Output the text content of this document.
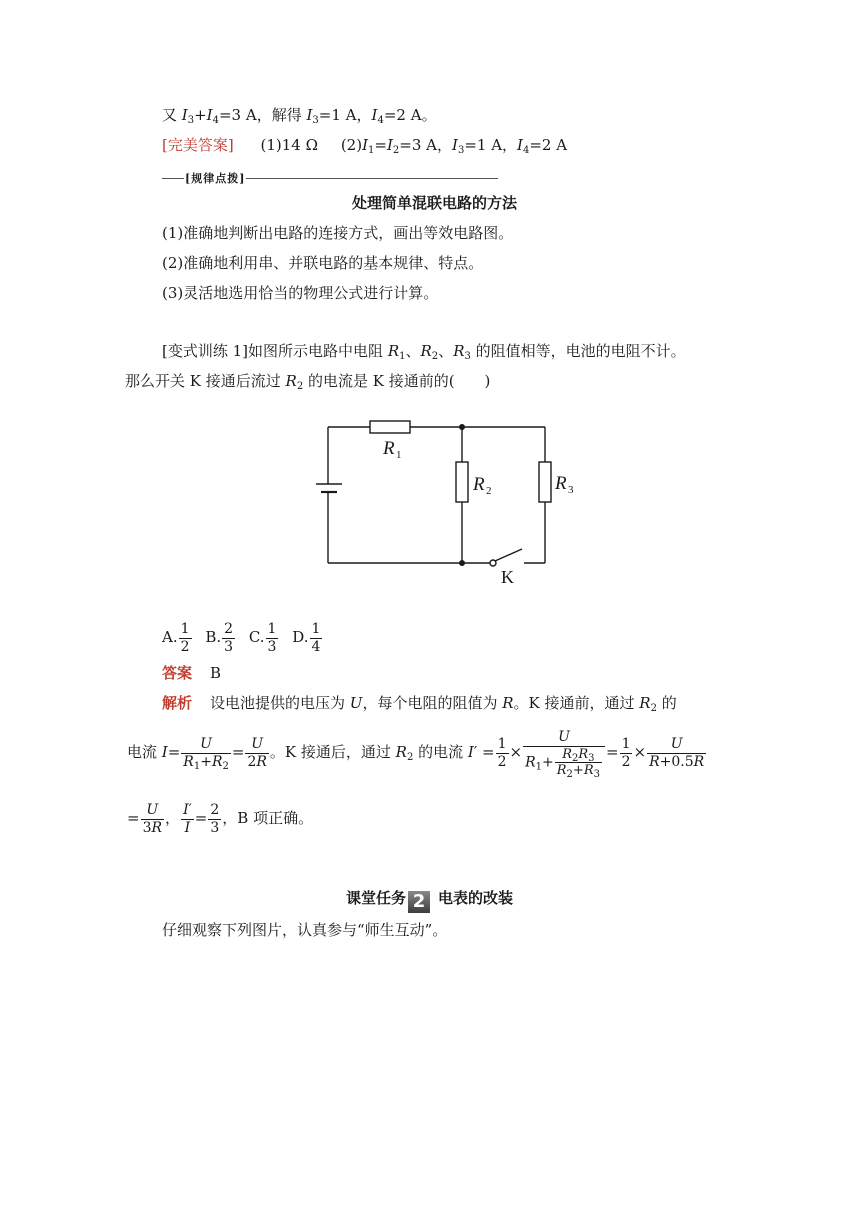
又 $I_3+I_4=3$ A，解得 $I_3=1$ A，$I_4=2$ A。
[完美答案] (1)14 Ω $(2)I_1=I_2=3$ A，$I_3=1$ A，$I_4=2$ A
[规律点拨]
处理简单混联电路的方法
(1)准确地判断出电路的连接方式，画出等效电路图。
(2)准确地利用串、并联电路的基本规律、特点。
(3)灵活地选用恰当的物理公式进行计算。
[变式训练 1]如图所示电路中电阻 $R_1$、$R_2$、$R_3$ 的阻值相等，电池的电阻不计。
那么开关 K 接通后流过 $R_2$ 的电流是 K 接通前的(　　)
R 1
R 2	R 3
K
A. $\frac{1}{2} B$. $\frac{2}{3} C$. $\frac{1}{3} D$. $\frac{1}{4}$
答案 B
解析 设电池提供的电压为 U，每个电阻的阻值为 R。K 接通前，通过 $R_2$ 的
电流 $I= \frac{U}{R_1+R_2} = \frac{U}{2R}$ 。K 接通后，通过 $R_2$ 的电流 $I' = \frac{1}{2} \times \frac{U}{R_1+ \frac{R_2R_3}{R_2+R_3}} = \frac{1}{2} \times \frac{U}{R+0.5R}$
= $\frac{U}{3R}$ ， $\frac{I'}{I} = \frac{2}{3}$ ，B 项正确。
课堂任务 2 电表的改装
仔细观察下列图片，认真参与“师生互动”。
